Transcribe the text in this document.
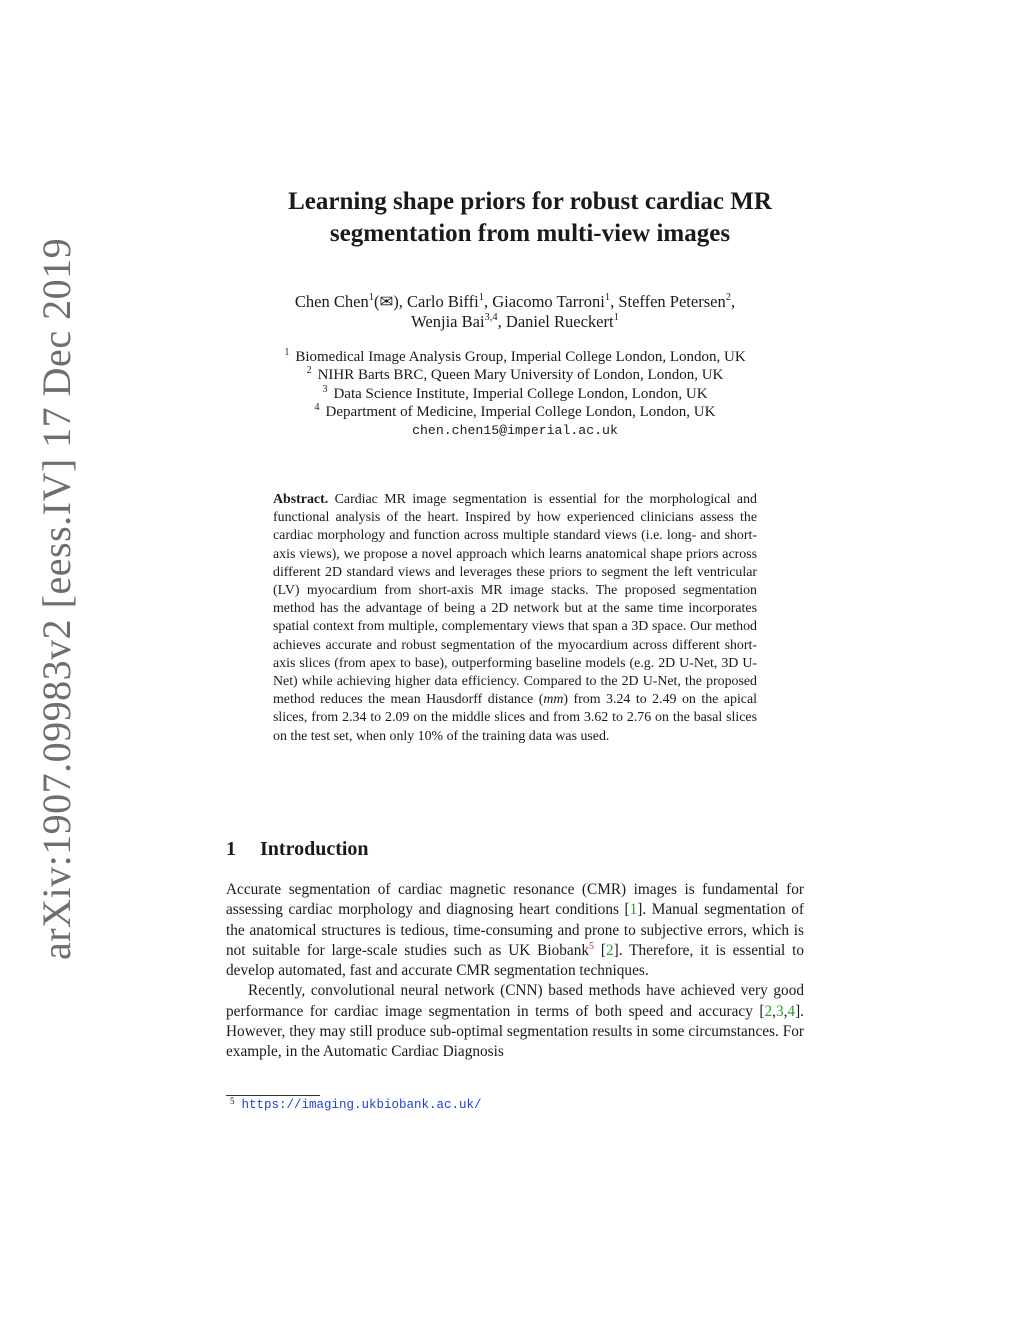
arXiv:1907.09983v2 [eess.IV] 17 Dec 2019
Learning shape priors for robust cardiac MR
segmentation from multi-view images
Chen Chen$^1$(✉), Carlo Biffi$^1$, Giacomo Tarroni$^1$, Steffen Petersen$^2$,
Wenjia Bai$^{3,4}$, Daniel Rueckert$^1$
$^1$ Biomedical Image Analysis Group, Imperial College London, London, UK
$^2$ NIHR Barts BRC, Queen Mary University of London, London, UK
$^3$ Data Science Institute, Imperial College London, London, UK
$^4$ Department of Medicine, Imperial College London, London, UK
chen.chen15@imperial.ac.uk
Abstract. Cardiac MR image segmentation is essential for the morphological and functional analysis of the heart. Inspired by how experienced clinicians assess the cardiac morphology and function across multiple standard views (i.e. long- and short-axis views), we propose a novel approach which learns anatomical shape priors across different 2D standard views and leverages these priors to segment the left ventricular (LV) myocardium from short-axis MR image stacks. The proposed segmentation method has the advantage of being a 2D network but at the same time incorporates spatial context from multiple, complementary views that span a 3D space. Our method achieves accurate and robust segmentation of the myocardium across different short-axis slices (from apex to base), outperforming baseline models (e.g. 2D U-Net, 3D U-Net) while achieving higher data efficiency. Compared to the 2D U-Net, the proposed method reduces the mean Hausdorff distance (mm) from 3.24 to 2.49 on the apical slices, from 2.34 to 2.09 on the middle slices and from 3.62 to 2.76 on the basal slices on the test set, when only 10% of the training data was used.
1 Introduction

Accurate segmentation of cardiac magnetic resonance (CMR) images is fundamental for assessing cardiac morphology and diagnosing heart conditions [1]. Manual segmentation of the anatomical structures is tedious, time-consuming and prone to subjective errors, which is not suitable for large-scale studies such as UK Biobank$^5$ [2]. Therefore, it is essential to develop automated, fast and accurate CMR segmentation techniques.

Recently, convolutional neural network (CNN) based methods have achieved very good performance for cardiac image segmentation in terms of both speed and accuracy [2,3,4]. However, they may still produce sub-optimal segmentation results in some circumstances. For example, in the Automatic Cardiac Diagnosis

$^5$ https://imaging.ukbiobank.ac.uk/
